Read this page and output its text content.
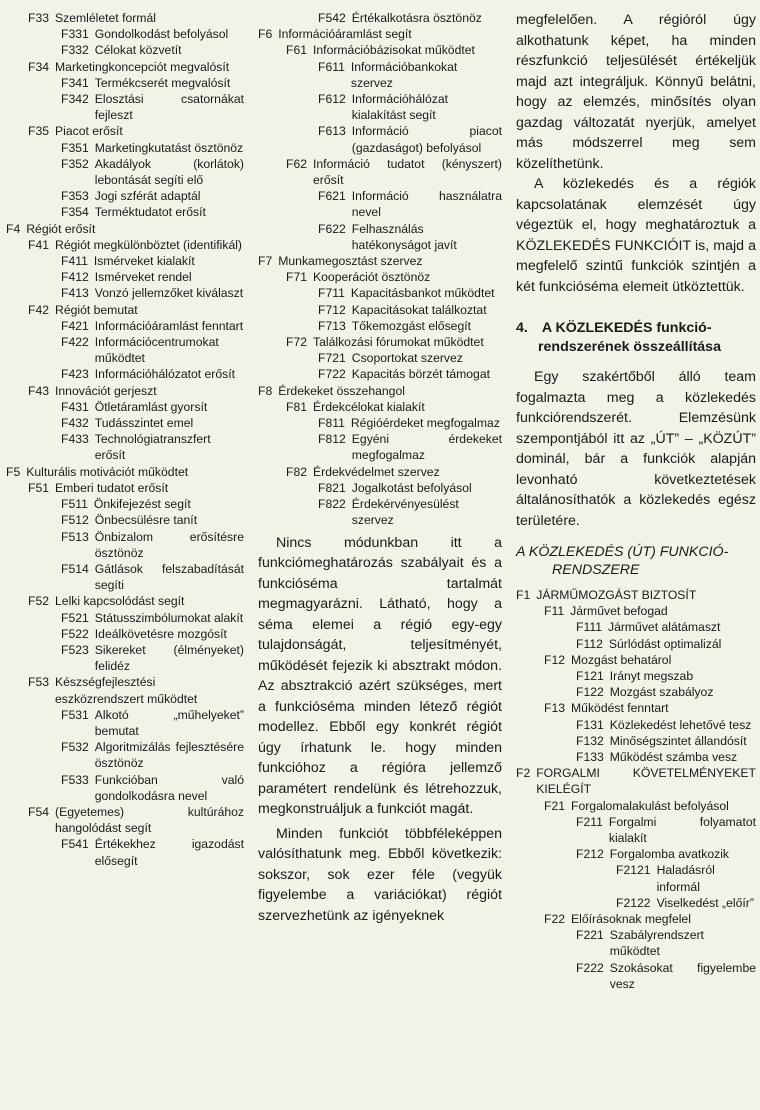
F33 Szemléletet formál
F331 Gondolkodást befolyásol
F332 Célokat közvetít
F34 Marketingkoncepciót megvalósít
F341 Termékcserét megvalósít
F342 Elosztási csatornákat fejleszt
F35 Piacot erősít
F351 Marketingkutatást ösztönöz
F352 Akadályok (korlátok) lebontását segíti elő
F353 Jogi szférát adaptál
F354 Terméktudatot erősít
F4 Régiót erősít
F41 Régiót megkülönböztet (identifikál)
F411 Ismérveket kialakít
F412 Ismérveket rendel
F413 Vonzó jellemzőket kiválaszt
F42 Régiót bemutat
F421 Információáramlást fenntart
F422 Információcentrumokat működtet
F423 Információhálózatot erősít
F43 Innovációt gerjeszt
F431 Ötletáramlást gyorsít
F432 Tudásszintet emel
F433 Technológiatranszfert erősít
F5 Kulturális motivációt működtet
F51 Emberi tudatot erősít
F511 Önkifejezést segít
F512 Önbecsülésre tanít
F513 Önbizalom erősítésre ösztönöz
F514 Gátlások felszabadítását segíti
F52 Lelki kapcsolódást segít
F521 Státusszimbólumokat alakít
F522 Ideálkövetésre mozgósít
F523 Sikereket (élményeket) felidéz
F53 Készségfejlesztési eszközrendszert működtet
F531 Alkotó „műhelyeket” bemutat
F532 Algoritmizálás fejlesztésére ösztönöz
F533 Funkcióban való gondolkodásra nevel
F54 (Egyetemes) kultúrához hangolódást segít
F541 Értékekhez igazodást elősegít
F542 Értékalkotásra ösztönöz
F6 Információáramlást segít
F61 Információbázisokat működtet
F611 Információbankokat szervez
F612 Információhálózat kialakítást segít
F613 Információ piacot (gazdaságot) befolyásol
F62 Információ tudatot (kényszert) erősít
F621 Információ használatra nevel
F622 Felhasználás hatékonyságot javít
F7 Munkamegosztást szervez
F71 Kooperációt ösztönöz
F711 Kapacitásbankot működtet
F712 Kapacitásokat találkoztat
F713 Tőkemozgást elősegít
F72 Találkozási fórumokat működtet
F721 Csoportokat szervez
F722 Kapacitás börzét támogat
F8 Érdekeket összehangol
F81 Érdekcélokat kialakít
F811 Régióérdeket megfogalmaz
F812 Egyéni érdekeket megfogalmaz
F82 Érdekvédelmet szervez
F821 Jogalkotást befolyásol
F822 Érdekérvényesülést szervez

Nincs módunkban itt a funkciómeghatározás szabályait és a funkcióséma tartalmát megmagyarázni. Látható, hogy a séma elemei a régió egy-egy tulajdonságát, teljesítményét, működését fejezik ki absztrakt módon. Az absztrakció azért szükséges, mert a funkcióséma minden létező régiót modellez. Ebből egy konkrét régiót úgy írhatunk le. hogy minden funkcióhoz a régióra jellemző paramétert rendelünk és létrehozzuk, megkonstruáljuk a funkciót magát.

Minden funkciót többféleképpen valósíthatunk meg. Ebből következik: sokszor, sok ezer féle (vegyük figyelembe a variációkat) régiót szervezhetünk az igényeknek

megfelelően. A régióról úgy alkothatunk képet, ha minden részfunkció teljesülését értékeljük majd azt integráljuk. Könnyű belátni, hogy az elemzés, minősítés olyan gazdag változatát nyerjük, amelyet más módszerrel meg sem közelíthetünk.

A közlekedés és a régiók kapcsolatának elemzését úgy végeztük el, hogy meghatároztuk a KÖZLEKEDÉS FUNKCIÓIT is, majd a megfelelő szintű funkciók szintjén a két funkcióséma elemeit ütköztettük.

4. A KÖZLEKEDÉS funkció-
rendszerének összeállítása

Egy szakértőből álló team fogalmazta meg a közlekedés funkciórendszerét. Elemzésünk szempontjából itt az „ÚT” – „KÖZÚT” dominál, bár a funkciók alapján levonható következtetések általánosíthatók a közlekedés egész területére.

A KÖZLEKEDÉS (ÚT) FUNKCIÓ-
RENDSZERE
F1 JÁRMŰMOZGÁST BIZTOSÍT
F11 Járművet befogad
F111 Járművet alátámaszt
F112 Súrlódást optimalizál
F12 Mozgást behatárol
F121 Irányt megszab
F122 Mozgást szabályoz
F13 Működést fenntart
F131 Közlekedést lehetővé tesz
F132 Minőségszintet állandósít
F133 Működést számba vesz
F2 FORGALMI KÖVETELMÉNYEKET KIELÉGÍT
F21 Forgalomalakulást befolyásol
F211 Forgalmi folyamatot kialakít
F212 Forgalomba avatkozik
F2121 Haladásról informál
F2122 Viselkedést „előír”
F22 Előírásoknak megfelel
F221 Szabályrendszert működtet
F222 Szokásokat figyelembe vesz
